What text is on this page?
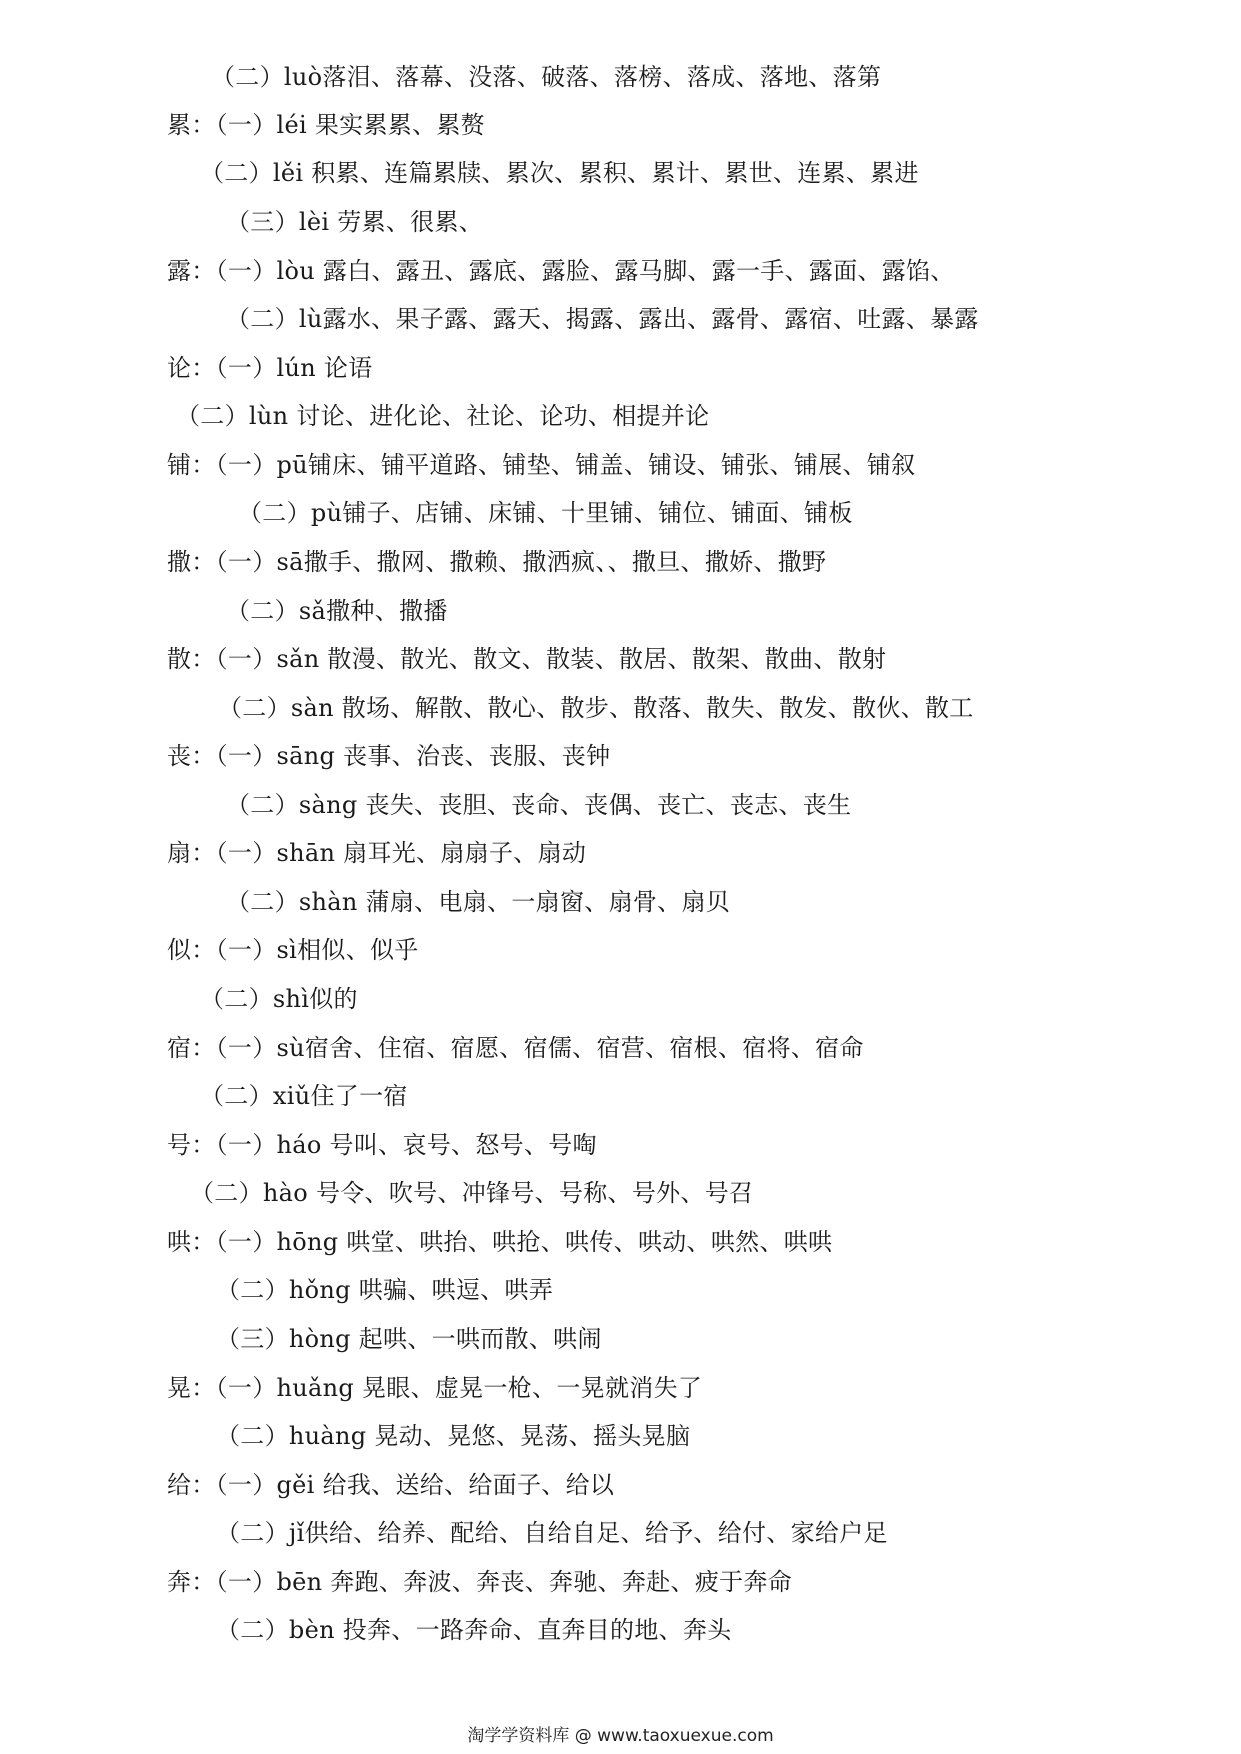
（二）luò落泪、落幕、没落、破落、落榜、落成、落地、落第
累：（一）léi 果实累累、累赘
（二）lěi 积累、连篇累牍、累次、累积、累计、累世、连累、累进
（三）lèi 劳累、很累、
露：（一）lòu 露白、露丑、露底、露脸、露马脚、露一手、露面、露馅、
（二）lù露水、果子露、露天、揭露、露出、露骨、露宿、吐露、暴露
论：（一）lún 论语
（二）lùn 讨论、进化论、社论、论功、相提并论
铺：（一）pū铺床、铺平道路、铺垫、铺盖、铺设、铺张、铺展、铺叙
（二）pù铺子、店铺、床铺、十里铺、铺位、铺面、铺板
撒：（一）sā撒手、撒网、撒赖、撒洒疯、、撒旦、撒娇、撒野
（二）sǎ撒种、撒播
散：（一）sǎn 散漫、散光、散文、散装、散居、散架、散曲、散射
（二）sàn 散场、解散、散心、散步、散落、散失、散发、散伙、散工
丧：（一）sāng 丧事、治丧、丧服、丧钟
（二）sàng 丧失、丧胆、丧命、丧偶、丧亡、丧志、丧生
扇：（一）shān 扇耳光、扇扇子、扇动
（二）shàn 蒲扇、电扇、一扇窗、扇骨、扇贝
似：（一）sì相似、似乎
（二）shì似的
宿：（一）sù宿舍、住宿、宿愿、宿儒、宿营、宿根、宿将、宿命
（二）xiǔ住了一宿
号：（一）háo 号叫、哀号、怒号、号啕
（二）hào 号令、吹号、冲锋号、号称、号外、号召
哄：（一）hōng 哄堂、哄抬、哄抢、哄传、哄动、哄然、哄哄
（二）hǒng 哄骗、哄逗、哄弄
（三）hòng 起哄、一哄而散、哄闹
晃：（一）huǎng 晃眼、虚晃一枪、一晃就消失了
（二）huàng 晃动、晃悠、晃荡、摇头晃脑
给：（一）gěi 给我、送给、给面子、给以
（二）jǐ供给、给养、配给、自给自足、给予、给付、家给户足
奔：（一）bēn 奔跑、奔波、奔丧、奔驰、奔赴、疲于奔命
（二）bèn 投奔、一路奔命、直奔目的地、奔头
淘学学资料库 @ www.taoxuexue.com
